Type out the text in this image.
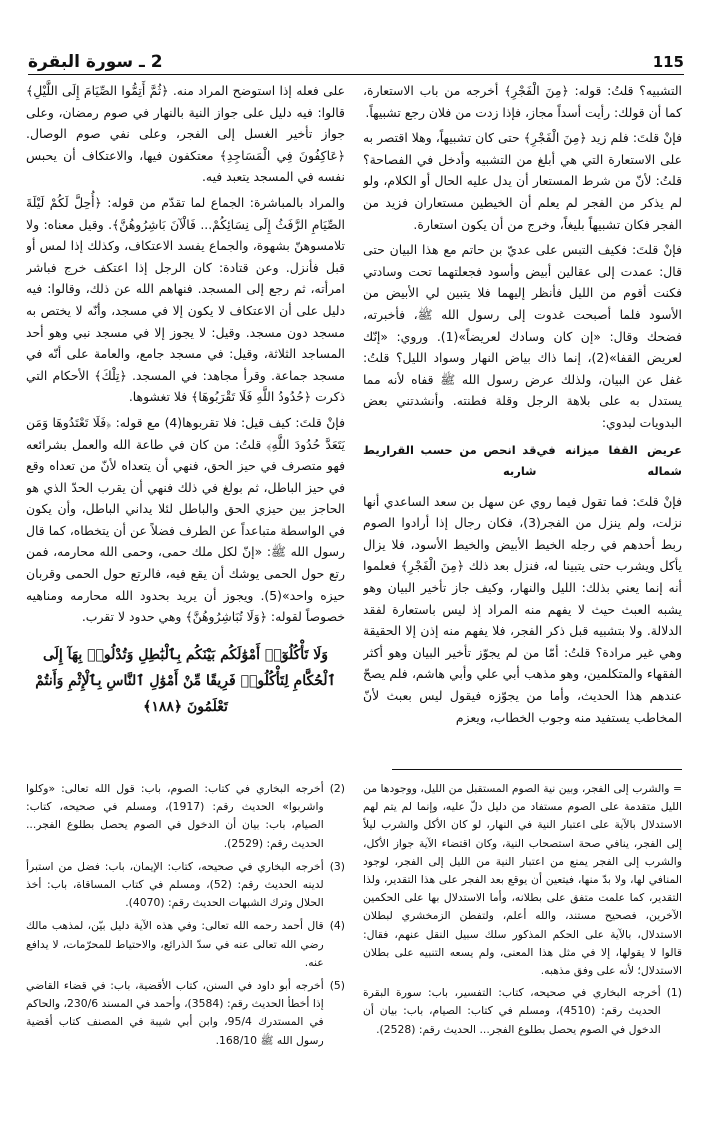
115
2 ـ سورة البقرة

التشبيه؟ قلتُ: قوله: ﴿مِنَ الْفَجْرِ﴾ أخرجه من باب الاستعارة، كما أن قولك: رأيت أسداً مجاز، فإذا زدت من فلان رجع تشبيهاً.

فإنْ قلتَ: فلم زيد ﴿مِنَ الْفَجْرِ﴾ حتى كان تشبيهاً، وهلا اقتصر به على الاستعارة التي هي أبلغ من التشبيه وأدخل في الفصاحة؟ قلتُ: لأنّ من شرط المستعار أن يدل عليه الحال أو الكلام، ولو لم يذكر من الفجر لم يعلم أن الخيطين مستعاران فزيد من الفجر فكان تشبيهاً بليغاً، وخرج من أن يكون استعارة.

فإنْ قلتَ: فكيف التبس على عديّ بن حاتم مع هذا البيان حتى قال: عمدت إلى عقالين أبيض وأسود فجعلتهما تحت وسادتي فكنت أقوم من الليل فأنظر إليهما فلا يتبين لي الأبيض من الأسود فلما أصبحت غدوت إلى رسول الله ﷺ، فأخبرته، فضحك وقال: «إن كان وسادك لعريضاً»(1). وروي: «إنّك لعريض القفا»(2)، إنما ذاك بياض النهار وسواد الليل؟ قلتُ: غفل عن البيان، ولذلك عرض رسول الله ﷺ قفاه لأنه مما يستدل به على بلاهة الرجل وقلة فطنته. وأنشدتني بعض البدويات لبدوي:

عريض القفا ميزانه في شماله
قد انحص من حسب القراريط شاربه

فإنْ قلتَ: فما تقول فيما روي عن سهل بن سعد الساعدي أنها نزلت، ولم ينزل من الفجر(3)، فكان رجال إذا أرادوا الصوم ربط أحدهم في رجله الخيط الأبيض والخيط الأسود، فلا يزال يأكل ويشرب حتى يتبينا له، فنزل بعد ذلك ﴿مِنَ الْفَجْرِ﴾ فعلموا أنه إنما يعني بذلك: الليل والنهار، وكيف جاز تأخير البيان وهو يشبه العبث حيث لا يفهم منه المراد إذ ليس باستعارة لفقد الدلالة. ولا بتشبيه قبل ذكر الفجر، فلا يفهم منه إذن إلا الحقيقة وهي غير مرادة؟ قلتُ: أمّا من لم يجوّز تأخير البيان وهو أكثر الفقهاء والمتكلمين، وهو مذهب أبي علي وأبي هاشم، فلم يصحّ عندهم هذا الحديث، وأما من يجوّزه فيقول ليس بعبث لأنّ المخاطب يستفيد منه وجوب الخطاب، ويعزم

على فعله إذا استوضح المراد منه. ﴿ثُمَّ أَتِمُّوا الصِّيَامَ إِلَى اللَّيْلِ﴾ قالوا: فيه دليل على جواز النية بالنهار في صوم رمضان، وعلى جواز تأخير الغسل إلى الفجر، وعلى نفي صوم الوصال. ﴿عَاكِفُونَ فِي الْمَسَاجِدِ﴾ معتكفون فيها، والاعتكاف أن يحبس نفسه في المسجد يتعبد فيه.

والمراد بالمباشرة: الجماع لما تقدّم من قوله: ﴿أُحِلَّ لَكُمْ لَيْلَةَ الصِّيَامِ الرَّفَثُ إِلَى نِسَائِكُمْ... فَالْآنَ بَاشِرُوهُنَّ﴾. وقيل معناه: ولا تلامسوهنّ بشهوة، والجماع يفسد الاعتكاف، وكذلك إذا لمس أو قبل فأنزل. وعن قتادة: كان الرجل إذا اعتكف خرج فباشر امرأته، ثم رجع إلى المسجد. فنهاهم الله عن ذلك، وقالوا: فيه دليل على أن الاعتكاف لا يكون إلا في مسجد، وأنّه لا يختص به مسجد دون مسجد. وقيل: لا يجوز إلا في مسجد نبي وهو أحد المساجد الثلاثة، وقيل: في مسجد جامع، والعامة على أنّه في مسجد جماعة. وقرأ مجاهد: في المسجد. ﴿تِلْكَ﴾ الأحكام التي ذكرت ﴿حُدُودُ اللَّهِ فَلَا تَقْرَبُوهَا﴾ فلا تغشوها.

فإنْ قلتَ: كيف قيل: فلا تقربوها(4) مع قوله: ﴿فَلَا تَعْتَدُوهَا وَمَن يَتَعَدَّ حُدُودَ اللَّهِ﴾ قلتُ: من كان في طاعة الله والعمل بشرائعه فهو متصرف في حيز الحق، فنهي أن يتعداه لأنّ من تعداه وقع في حيز الباطل، ثم بولغ في ذلك فنهي أن يقرب الحدّ الذي هو الحاجز بين حيزي الحق والباطل لئلا يداني الباطل، وأن يكون في الواسطة متباعداً عن الطرف فضلاً عن أن يتخطاه، كما قال رسول الله ﷺ: «إنّ لكل ملك حمى، وحمى الله محارمه، فمن رتع حول الحمى يوشك أن يقع فيه، فالرتع حول الحمى وقربان حيزه واحد»(5). ويجوز أن يريد بحدود الله محارمه ومناهيه خصوصاً لقوله: ﴿وَلَا تُبَاشِرُوهُنَّ﴾ وهي حدود لا تقرب.

وَلَا تَأْكُلُوٓا۟ أَمْوَٰلَكُم بَيْنَكُم بِٱلْبَٰطِلِ وَتُدْلُوا۟ بِهَآ إِلَى ٱلْحُكَّامِ لِتَأْكُلُوا۟ فَرِيقًا مِّنْ أَمْوَٰلِ ٱلنَّاسِ بِٱلْإِثْمِ وَأَنتُمْ تَعْلَمُونَ ﴿١٨٨﴾

= والشرب إلى الفجر، وبين نية الصوم المستقبل من الليل، ووجودها من الليل متقدمة على الصوم مستفاد من دليل دلّ عليه، وإنما لم يتم لهم الاستدلال بالآية على اعتبار النية في النهار، لو كان الأكل والشرب ليلاً إلى الفجر، ينافي صحة استصحاب النية، وكان اقتضاء الآية جواز الأكل، والشرب إلى الفجر يمنع من اعتبار النية من الليل إلى الفجر، لوجود المنافي لها، ولا بدّ منها، فيتعين أن يوقع بعد الفجر على هذا التقدير، ولذا التقدير، كما علمت متفق على بطلانه، وأما الاستدلال بها على الحكمين الآخرين، فصحيح مستند، والله أعلم، ولتفطن الزمخشري لبطلان الاستدلال، بالآية على الحكم المذكور سلك سبيل النقل عنهم، فقال: قالوا لا يقولها، إلا في مثل هذا المعنى، ولم يسعه التنبيه على بطلان الاستدلال؛ لأنه على وفق مذهبه.

(1)
أخرجه البخاري في صحيحه، كتاب: التفسير، باب: سورة البقرة الحديث رقم: (4510)، ومسلم في كتاب: الصيام، باب: بيان أن الدخول في الصوم يحصل بطلوع الفجر... الحديث رقم: (2528).
(2)
أخرجه البخاري في كتاب: الصوم، باب: قول الله تعالى: «وكلوا واشربوا» الحديث رقم: (1917)، ومسلم في صحيحه، كتاب: الصيام، باب: بيان أن الدخول في الصوم يحصل بطلوع الفجر... الحديث رقم: (2529).
(3)
أخرجه البخاري في صحيحه، كتاب: الإيمان، باب: فضل من استبرأ لدينه الحديث رقم: (52)، ومسلم في كتاب المساقاة، باب: أخذ الحلال وترك الشبهات الحديث رقم: (4070).
(4)
قال أحمد رحمه الله تعالى: وفي هذه الآية دليل بيّن، لمذهب مالك رضي الله تعالى عنه في سدّ الذرائع، والاحتياط للمحرّمات، لا يدافع عنه.
(5)
أخرجه أبو داود في السنن، كتاب الأقضية، باب: في قضاء القاضي إذا أخطأ الحديث رقم: (3584)، وأحمد في المسند 230/6، والحاكم في المستدرك 95/4، وابن أبي شيبة في المصنف كتاب أقضية رسول الله ﷺ 168/10.
